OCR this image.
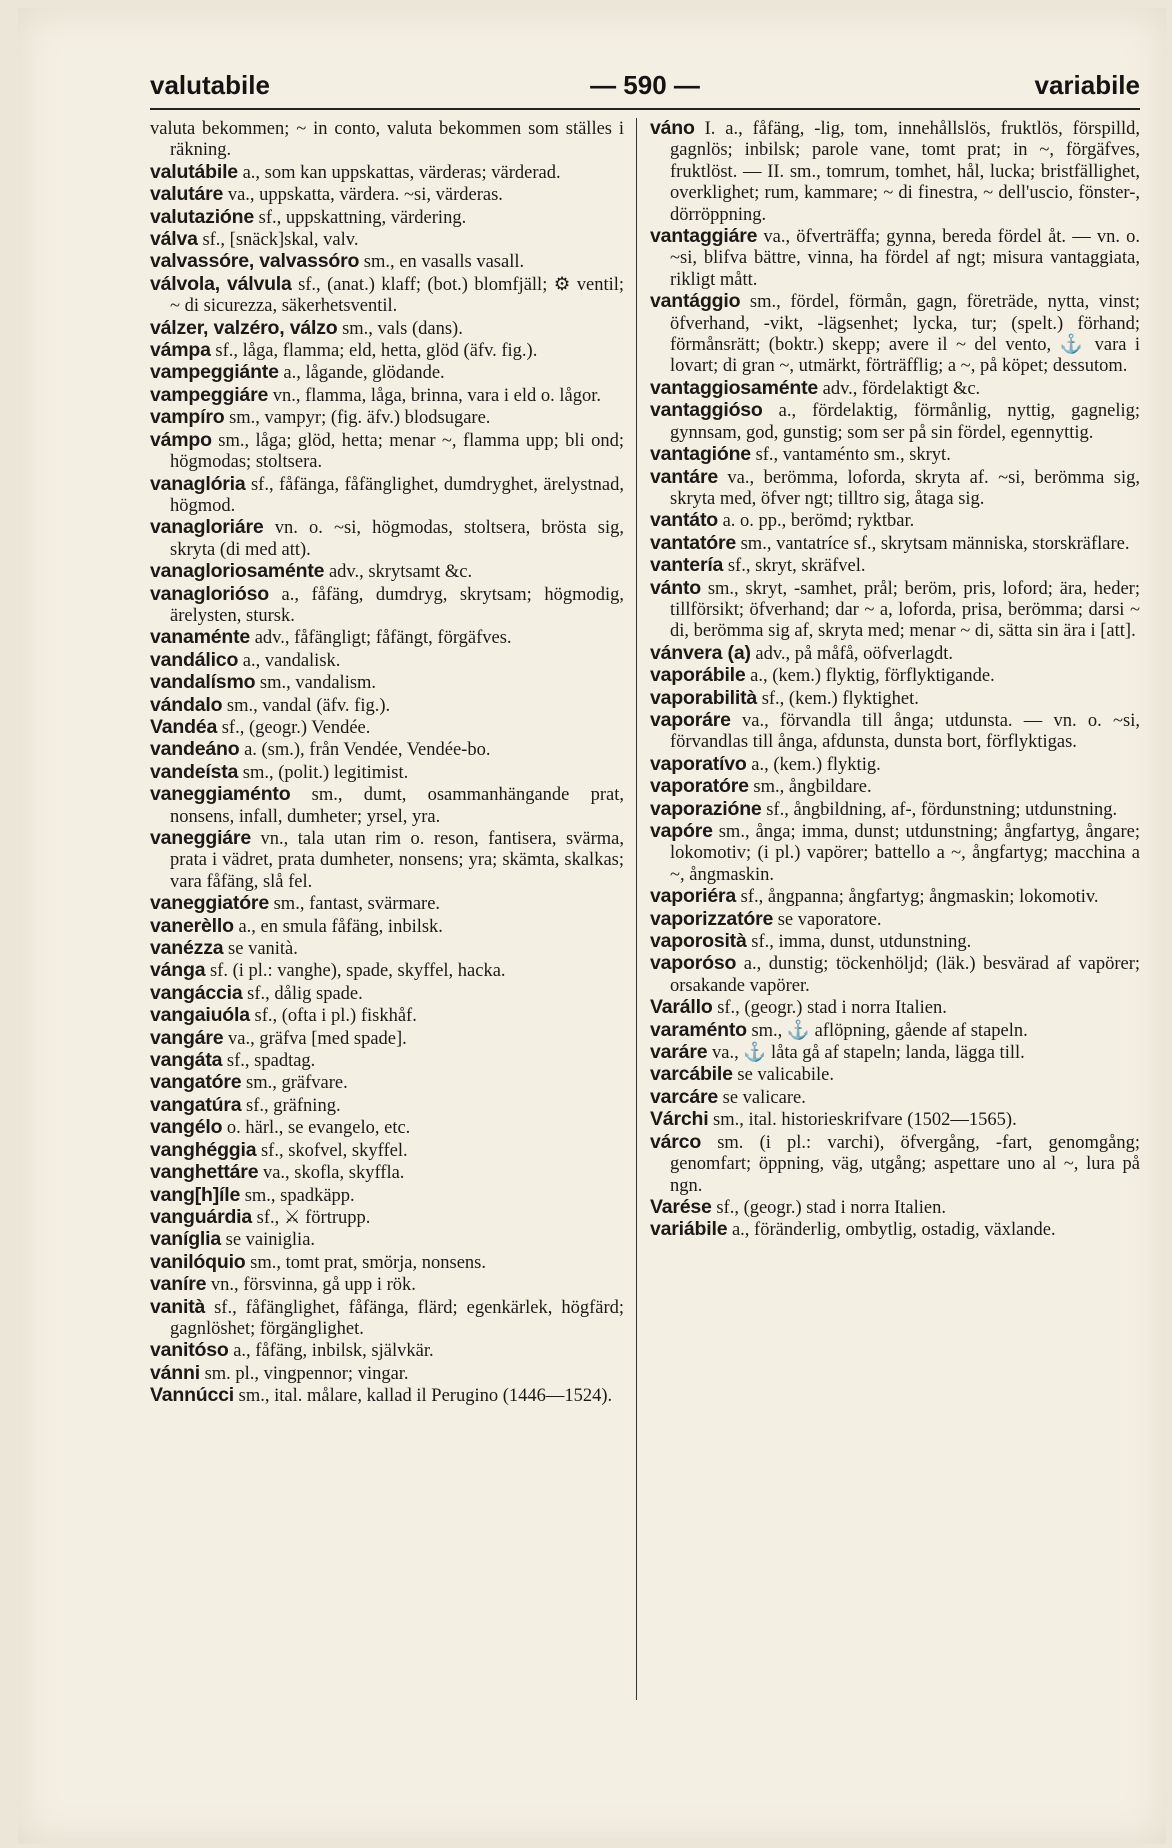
valutabile	— 590 —	variabile

valuta bekommen; ~ in conto, valuta bekommen som ställes i räkning.

valutábile a., som kan uppskattas, värderas; värderad.

valutáre va., uppskatta, värdera. ~si, värderas.

valutazióne sf., uppskattning, värdering.

válva sf., [snäck]skal, valv.

valvassóre, valvassóro sm., en vasalls vasall.

válvola, válvula sf., (anat.) klaff; (bot.) blomfjäll; ⚙ ventil; ~ di sicurezza, säkerhetsventil.

válzer, valzéro, válzo sm., vals (dans).

vámpa sf., låga, flamma; eld, hetta, glöd (äfv. fig.).

vampeggiánte a., lågande, glödande.

vampeggiáre vn., flamma, låga, brinna, vara i eld o. lågor.

vampíro sm., vampyr; (fig. äfv.) blodsugare.

vámpo sm., låga; glöd, hetta; menar ~, flamma upp; bli ond; högmodas; stoltsera.

vanaglória sf., fåfänga, fåfänglighet, dumdryghet, ärelystnad, högmod.

vanagloriáre vn. o. ~si, högmodas, stoltsera, brösta sig, skryta (di med att).

vanagloriosaménte adv., skrytsamt &c.

vanaglorióso a., fåfäng, dumdryg, skrytsam; högmodig, ärelysten, stursk.

vanaménte adv., fåfängligt; fåfängt, förgäfves.

vandálico a., vandalisk.

vandalísmo sm., vandalism.

vándalo sm., vandal (äfv. fig.).

Vandéa sf., (geogr.) Vendée.

vandeáno a. (sm.), från Vendée, Vendée-bo.

vandeísta sm., (polit.) legitimist.

vaneggiaménto sm., dumt, osammanhängande prat, nonsens, infall, dumheter; yrsel, yra.

vaneggiáre vn., tala utan rim o. reson, fantisera, svärma, prata i vädret, prata dumheter, nonsens; yra; skämta, skalkas; vara fåfäng, slå fel.

vaneggiatóre sm., fantast, svärmare.

vanerèllo a., en smula fåfäng, inbilsk.

vanézza se vanità.

vánga sf. (i pl.: vanghe), spade, skyffel, hacka.

vangáccia sf., dålig spade.

vangaiuóla sf., (ofta i pl.) fiskhåf.

vangáre va., gräfva [med spade].

vangáta sf., spadtag.

vangatóre sm., gräfvare.

vangatúra sf., gräfning.

vangélo o. härl., se evangelo, etc.

vanghéggia sf., skofvel, skyffel.

vanghettáre va., skofla, skyffla.

vang[h]íle sm., spadkäpp.

vanguárdia sf., ⚔ förtrupp.

vaníglia se vainiglia.

vanilóquio sm., tomt prat, smörja, nonsens.

vaníre vn., försvinna, gå upp i rök.

vanità sf., fåfänglighet, fåfänga, flärd; egenkärlek, högfärd; gagnlöshet; förgänglighet.

vanitóso a., fåfäng, inbilsk, självkär.

vánni sm. pl., vingpennor; vingar.

Vannúcci sm., ital. målare, kallad il Perugino (1446—1524).

váno I. a., fåfäng, -lig, tom, innehållslös, fruktlös, förspilld, gagnlös; inbilsk; parole vane, tomt prat; in ~, förgäfves, fruktlöst. — II. sm., tomrum, tomhet, hål, lucka; bristfällighet, overklighet; rum, kammare; ~ di finestra, ~ dell'uscio, fönster-, dörröppning.

vantaggiáre va., öfverträffa; gynna, bereda fördel åt. — vn. o. ~si, blifva bättre, vinna, ha fördel af ngt; misura vantaggiata, rikligt mått.

vantággio sm., fördel, förmån, gagn, företräde, nytta, vinst; öfverhand, -vikt, -lägsenhet; lycka, tur; (spelt.) förhand; förmånsrätt; (boktr.) skepp; avere il ~ del vento, ⚓ vara i lovart; di gran ~, utmärkt, förträfflig; a ~, på köpet; dessutom.

vantaggiosaménte adv., fördelaktigt &c.

vantaggióso a., fördelaktig, förmånlig, nyttig, gagnelig; gynnsam, god, gunstig; som ser på sin fördel, egennyttig.

vantagióne sf., vantaménto sm., skryt.

vantáre va., berömma, loforda, skryta af. ~si, berömma sig, skryta med, öfver ngt; tilltro sig, åtaga sig.

vantáto a. o. pp., berömd; ryktbar.

vantatóre sm., vantatríce sf., skrytsam människa, storskräflare.

vantería sf., skryt, skräfvel.

vánto sm., skryt, -samhet, prål; beröm, pris, loford; ära, heder; tillförsikt; öfverhand; dar ~ a, loforda, prisa, berömma; darsi ~ di, berömma sig af, skryta med; menar ~ di, sätta sin ära i [att].

vánvera (a) adv., på måfå, oöfverlagdt.

vaporábile a., (kem.) flyktig, förflyktigande.

vaporabilità sf., (kem.) flyktighet.

vaporáre va., förvandla till ånga; utdunsta. — vn. o. ~si, förvandlas till ånga, afdunsta, dunsta bort, förflyktigas.

vaporatívo a., (kem.) flyktig.

vaporatóre sm., ångbildare.

vaporazióne sf., ångbildning, af-, fördunstning; utdunstning.

vapóre sm., ånga; imma, dunst; utdunstning; ångfartyg, ångare; lokomotiv; (i pl.) vapörer; battello a ~, ångfartyg; macchina a ~, ångmaskin.

vaporiéra sf., ångpanna; ångfartyg; ångmaskin; lokomotiv.

vaporizzatóre se vaporatore.

vaporosità sf., imma, dunst, utdunstning.

vaporóso a., dunstig; töckenhöljd; (läk.) besvärad af vapörer; orsakande vapörer.

Varállo sf., (geogr.) stad i norra Italien.

varaménto sm., ⚓ aflöpning, gående af stapeln.

varáre va., ⚓ låta gå af stapeln; landa, lägga till.

varcábile se valicabile.

varcáre se valicare.

Várchi sm., ital. historieskrifvare (1502—1565).

várco sm. (i pl.: varchi), öfvergång, -fart, genomgång; genomfart; öppning, väg, utgång; aspettare uno al ~, lura på ngn.

Varése sf., (geogr.) stad i norra Italien.

variábile a., föränderlig, ombytlig, ostadig, växlande.
